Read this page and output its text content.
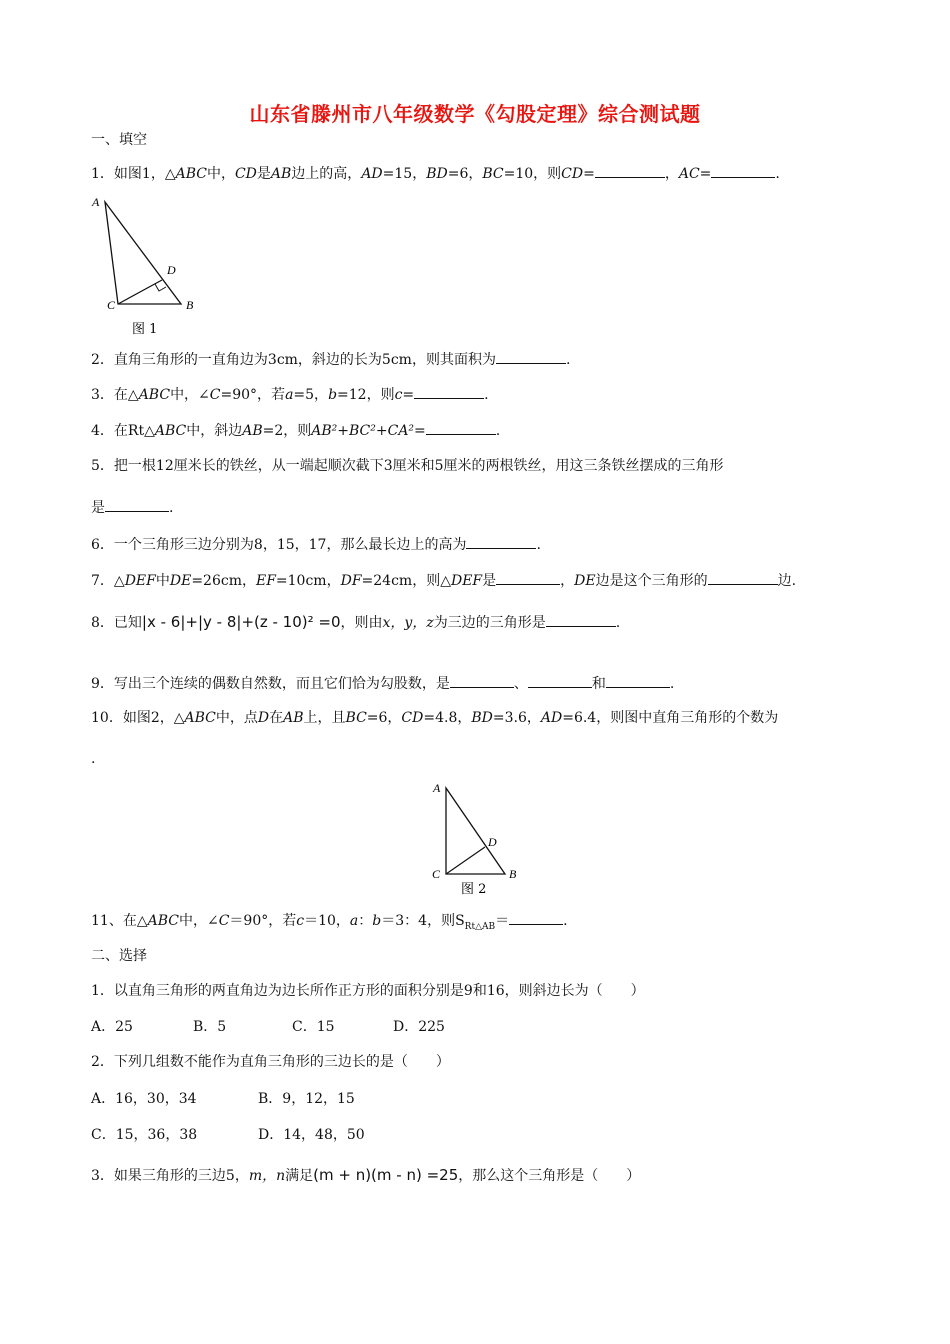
山东省滕州市八年级数学《勾股定理》综合测试题
一、填空
1．如图1，△ABC中，CD是AB边上的高，AD=15，BD=6，BC=10，则CD=	，AC=	.
A
D
C	B
图 1
2．直角三角形的一直角边为3cm，斜边的长为5cm，则其面积为	.
3．在△ABC中，∠C=90°，若a=5，b=12，则c=	.
4．在Rt△ABC中，斜边AB=2，则AB²+BC²+CA²=	.
5．把一根12厘米长的铁丝，从一端起顺次截下3厘米和5厘米的两根铁丝，用这三条铁丝摆成的三角形
是	.
6．一个三角形三边分别为8，15，17，那么最长边上的高为	.
7．△DEF中DE=26cm，EF=10cm，DF=24cm，则△DEF是	，DE边是这个三角形的	边.
8．已知|x - 6|+|y - 8|+(z - 10)² =0，则由x，y，z为三边的三角形是	.
9．写出三个连续的偶数自然数，而且它们恰为勾股数，是	、	和	.
10．如图2，△ABC中，点D在AB上，且BC=6，CD=4.8，BD=3.6，AD=6.4，则图中直角三角形的个数为
.
A
D
C	B
图 2
11、在△ABC中，∠C＝90°，若c＝10，a：b＝3：4，则$S_{Rt\triangle AB}=$	.
二、选择
1．以直角三角形的两直角边为边长所作正方形的面积分别是9和16，则斜边长为（　　）
A．25	B．5	C．15	D．225
2．下列几组数不能作为直角三角形的三边长的是（　　）
A．16，30，34	B．9，12，15
C．15，36，38	D．14，48，50
3．如果三角形的三边5，m，n满足(m + n)(m - n) =25，那么这个三角形是（　　）
